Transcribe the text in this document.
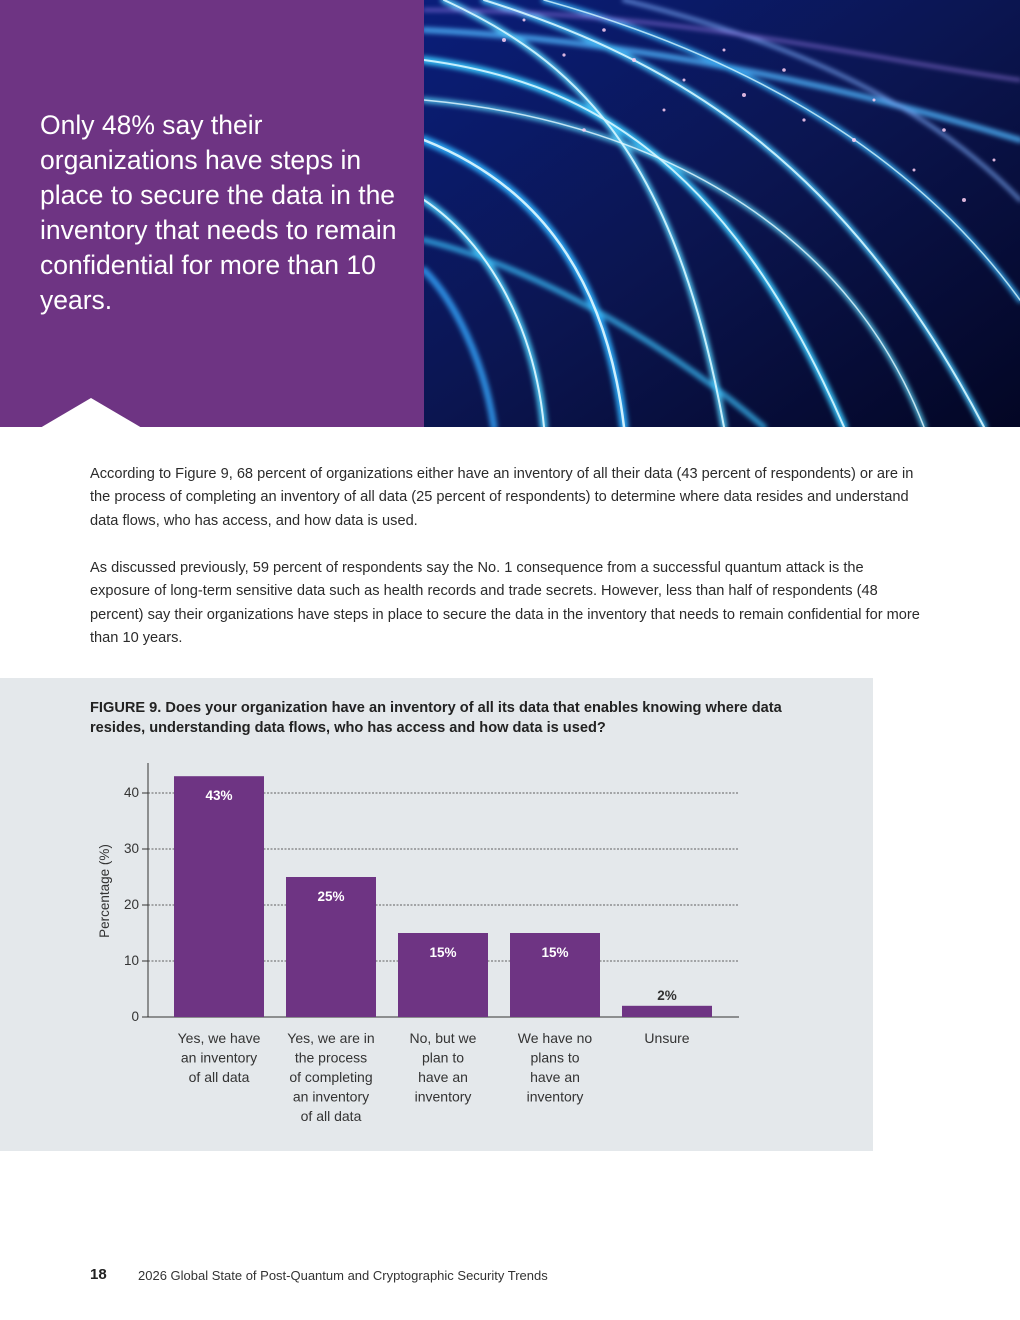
Only 48% say their organizations have steps in place to secure the data in the inventory that needs to remain confidential for more than 10 years.

According to Figure 9, 68 percent of organizations either have an inventory of all their data (43 percent of respondents) or are in the process of completing an inventory of all data (25 percent of respondents) to determine where data resides and understand data flows, who has access, and how data is used.

As discussed previously, 59 percent of respondents say the No. 1 consequence from a successful quantum attack is the exposure of long-term sensitive data such as health records and trade secrets. However, less than half of respondents (48 percent) say their organizations have steps in place to secure the data in the inventory that needs to remain confidential for more than 10 years.

FIGURE 9. Does your organization have an inventory of all its data that enables knowing where data resides, understanding data flows, who has access and how data is used?

0
10
20
30
40
Percentage (%)
43%
Yes, we have
an inventory
of all data
25%
Yes, we are in
the process
of completing
an inventory
of all data
15%
No, but we
plan to
have an
inventory
15%
We have no
plans to
have an
inventory
2%
Unsure
18 2026 Global State of Post-Quantum and Cryptographic Security Trends
